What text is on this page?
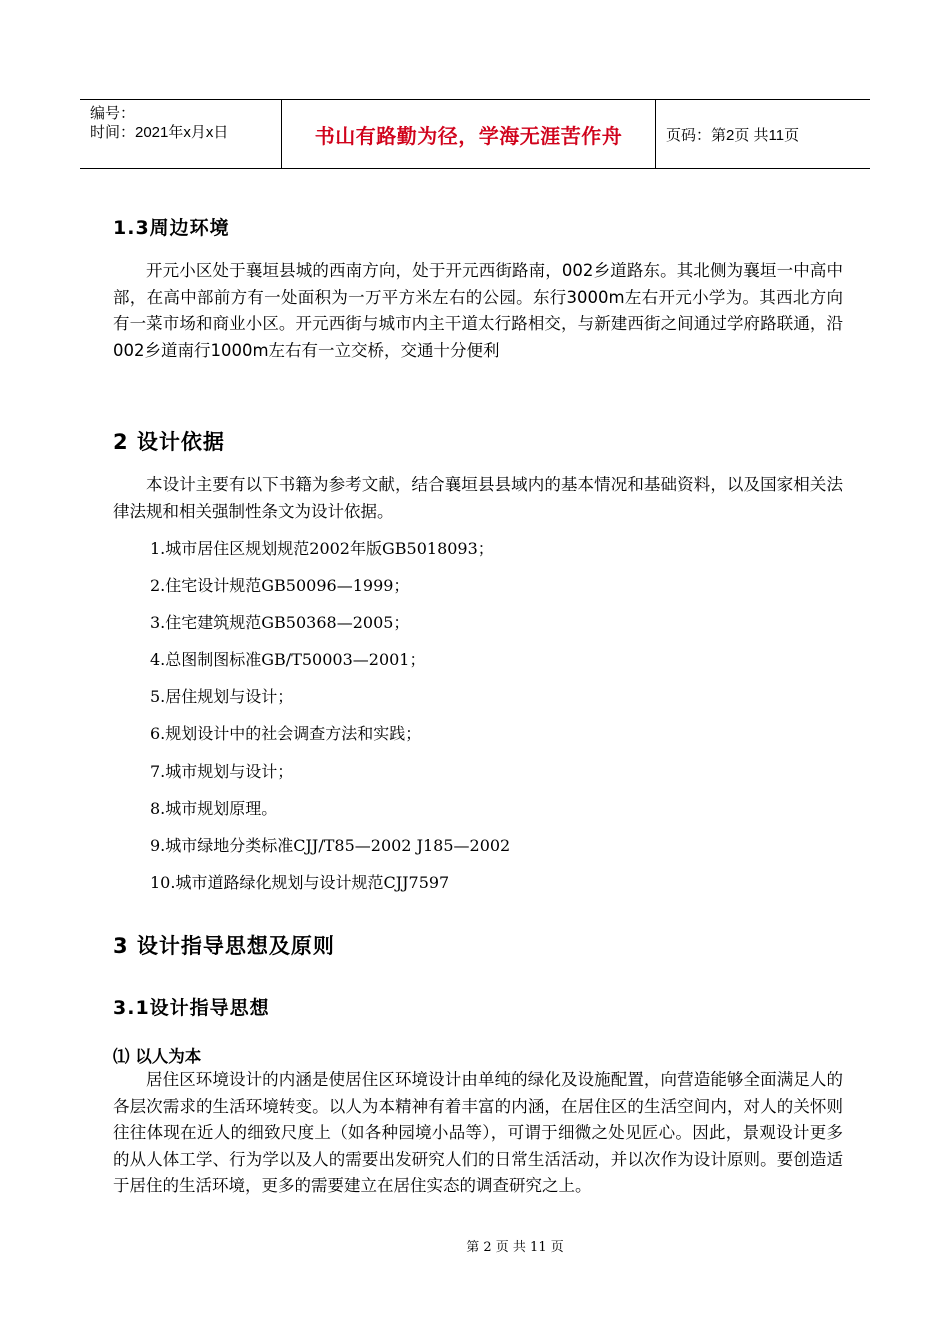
编号：
时间：2021年x月x日	书山有路勤为径，学海无涯苦作舟	页码：第2页 共11页
1.3周边环境

开元小区处于襄垣县城的西南方向，处于开元西街路南，002乡道路东。其北侧为襄垣一中高中部，在高中部前方有一处面积为一万平方米左右的公园。东行3000m左右开元小学为。其西北方向有一菜市场和商业小区。开元西街与城市内主干道太行路相交，与新建西街之间通过学府路联通，沿002乡道南行1000m左右有一立交桥，交通十分便利

2 设计依据

本设计主要有以下书籍为参考文献，结合襄垣县县域内的基本情况和基础资料，以及国家相关法律法规和相关强制性条文为设计依据。

1.城市居住区规划规范2002年版GB5018093；
2.住宅设计规范GB50096—1999；
3.住宅建筑规范GB50368—2005；
4.总图制图标准GB/T50003—2001；
5.居住规划与设计；
6.规划设计中的社会调查方法和实践；
7.城市规划与设计；
8.城市规划原理。
9.城市绿地分类标准CJJ/T85—2002 J185—2002
10.城市道路绿化规划与设计规范CJJ7597
3 设计指导思想及原则
3.1设计指导思想
⑴ 以人为本

居住区环境设计的内涵是使居住区环境设计由单纯的绿化及设施配置，向营造能够全面满足人的各层次需求的生活环境转变。以人为本精神有着丰富的内涵，在居住区的生活空间内，对人的关怀则往往体现在近人的细致尺度上（如各种园境小品等），可谓于细微之处见匠心。因此，景观设计更多的从人体工学、行为学以及人的需要出发研究人们的日常生活活动，并以次作为设计原则。要创造适于居住的生活环境，更多的需要建立在居住实态的调查研究之上。

第 2 页 共 11 页
